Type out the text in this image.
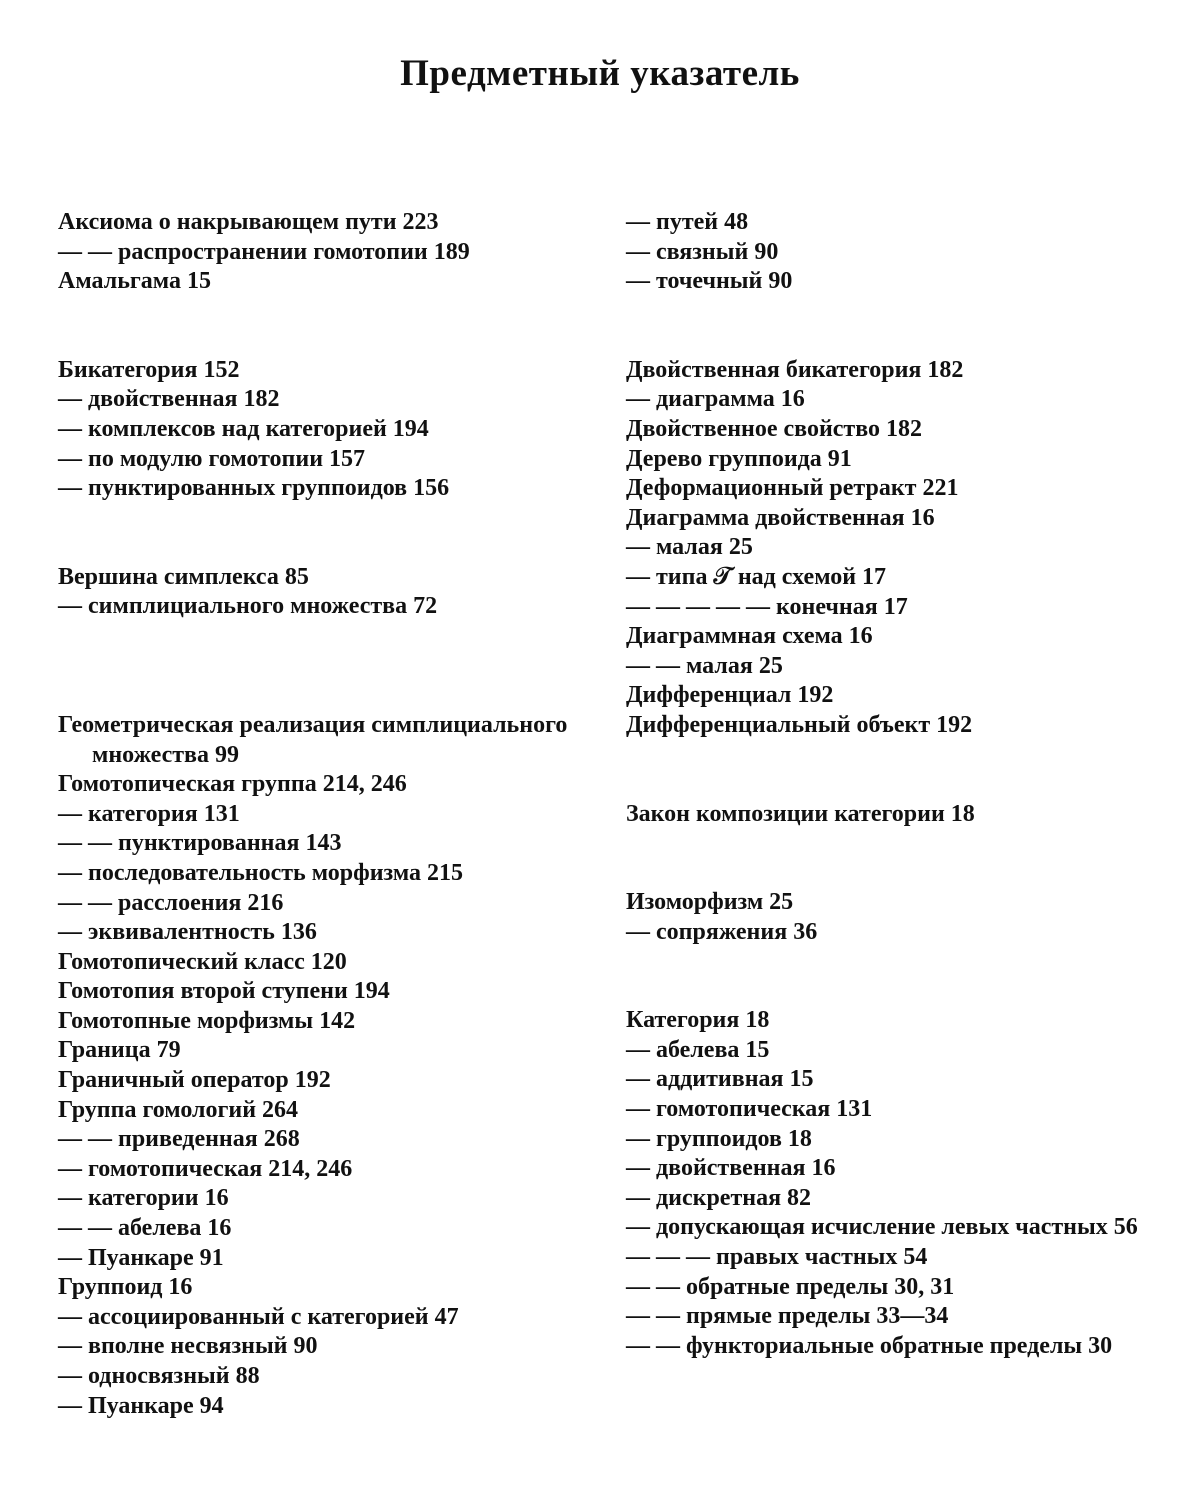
Предметный указатель
Аксиома о накрывающем пути 223
— — распространении гомотопии 189
Амальгама 15
Бикатегория 152
— двойственная 182
— комплексов над категорией 194
— по модулю гомотопии 157
— пунктированных группоидов 156
Вершина симплекса 85
— симплициального множества 72
Геометрическая реализация симплициального множества 99
Гомотопическая группа 214, 246
— категория 131
— — пунктированная 143
— последовательность морфизма 215
— — расслоения 216
— эквивалентность 136
Гомотопический класс 120
Гомотопия второй ступени 194
Гомотопные морфизмы 142
Граница 79
Граничный оператор 192
Группа гомологий 264
— — приведенная 268
— гомотопическая 214, 246
— категории 16
— — абелева 16
— Пуанкаре 91
Группоид 16
— ассоциированный с категорией 47
— вполне несвязный 90
— односвязный 88
— Пуанкаре 94
— путей 48
— связный 90
— точечный 90
Двойственная бикатегория 182
— диаграмма 16
Двойственное свойство 182
Дерево группоида 91
Деформационный ретракт 221
Диаграмма двойственная 16
— малая 25
— типа 𝒯 над схемой 17
— — — — — конечная 17
Диаграммная схема 16
— — малая 25
Дифференциал 192
Дифференциальный объект 192
Закон композиции категории 18
Изоморфизм 25
— сопряжения 36
Категория 18
— абелева 15
— аддитивная 15
— гомотопическая 131
— группоидов 18
— двойственная 16
— дискретная 82
— допускающая исчисление левых частных 56
— — — правых частных 54
— — обратные пределы 30, 31
— — прямые пределы 33—34
— — функториальные обратные пределы 30
